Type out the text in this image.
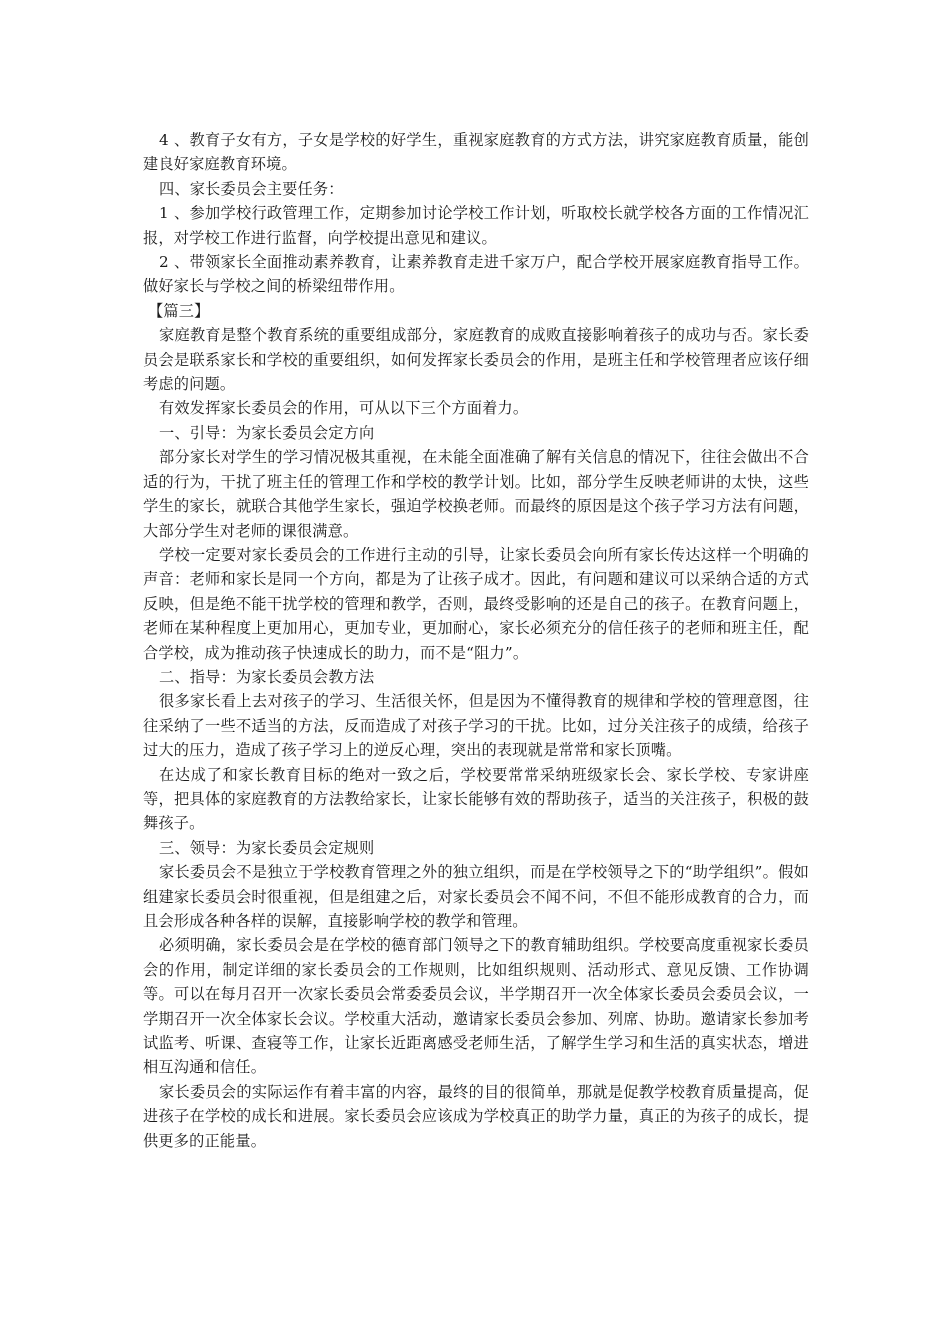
4 、教育子女有方，子女是学校的好学生，重视家庭教育的方式方法，讲究家庭教育质量，能创建良好家庭教育环境。

四、家长委员会主要任务：

1 、参加学校行政管理工作，定期参加讨论学校工作计划，听取校长就学校各方面的工作情况汇报，对学校工作进行监督，向学校提出意见和建议。

2 、带领家长全面推动素养教育，让素养教育走进千家万户，配合学校开展家庭教育指导工作。做好家长与学校之间的桥梁纽带作用。

【篇三】

家庭教育是整个教育系统的重要组成部分，家庭教育的成败直接影响着孩子的成功与否。家长委员会是联系家长和学校的重要组织，如何发挥家长委员会的作用，是班主任和学校管理者应该仔细考虑的问题。

有效发挥家长委员会的作用，可从以下三个方面着力。

一、引导：为家长委员会定方向

部分家长对学生的学习情况极其重视，在未能全面准确了解有关信息的情况下，往往会做出不合适的行为，干扰了班主任的管理工作和学校的教学计划。比如，部分学生反映老师讲的太快，这些学生的家长，就联合其他学生家长，强迫学校换老师。而最终的原因是这个孩子学习方法有问题，大部分学生对老师的课很满意。

学校一定要对家长委员会的工作进行主动的引导，让家长委员会向所有家长传达这样一个明确的声音：老师和家长是同一个方向，都是为了让孩子成才。因此，有问题和建议可以采纳合适的方式反映，但是绝不能干扰学校的管理和教学，否则，最终受影响的还是自己的孩子。在教育问题上，老师在某种程度上更加用心，更加专业，更加耐心，家长必须充分的信任孩子的老师和班主任，配合学校，成为推动孩子快速成长的助力，而不是“阻力”。

二、指导：为家长委员会教方法

很多家长看上去对孩子的学习、生活很关怀，但是因为不懂得教育的规律和学校的管理意图，往往采纳了一些不适当的方法，反而造成了对孩子学习的干扰。比如，过分关注孩子的成绩，给孩子过大的压力，造成了孩子学习上的逆反心理，突出的表现就是常常和家长顶嘴。

在达成了和家长教育目标的绝对一致之后，学校要常常采纳班级家长会、家长学校、专家讲座等，把具体的家庭教育的方法教给家长，让家长能够有效的帮助孩子，适当的关注孩子，积极的鼓舞孩子。

三、领导：为家长委员会定规则

家长委员会不是独立于学校教育管理之外的独立组织，而是在学校领导之下的“助学组织”。假如组建家长委员会时很重视，但是组建之后，对家长委员会不闻不问，不但不能形成教育的合力，而且会形成各种各样的误解，直接影响学校的教学和管理。

必须明确，家长委员会是在学校的德育部门领导之下的教育辅助组织。学校要高度重视家长委员会的作用，制定详细的家长委员会的工作规则，比如组织规则、活动形式、意见反馈、工作协调等。可以在每月召开一次家长委员会常委委员会议，半学期召开一次全体家长委员会委员会议，一学期召开一次全体家长会议。学校重大活动，邀请家长委员会参加、列席、协助。邀请家长参加考试监考、听课、查寝等工作，让家长近距离感受老师生活，了解学生学习和生活的真实状态，增进相互沟通和信任。

家长委员会的实际运作有着丰富的内容，最终的目的很简单，那就是促教学校教育质量提高，促进孩子在学校的成长和进展。家长委员会应该成为学校真正的助学力量，真正的为孩子的成长，提供更多的正能量。
